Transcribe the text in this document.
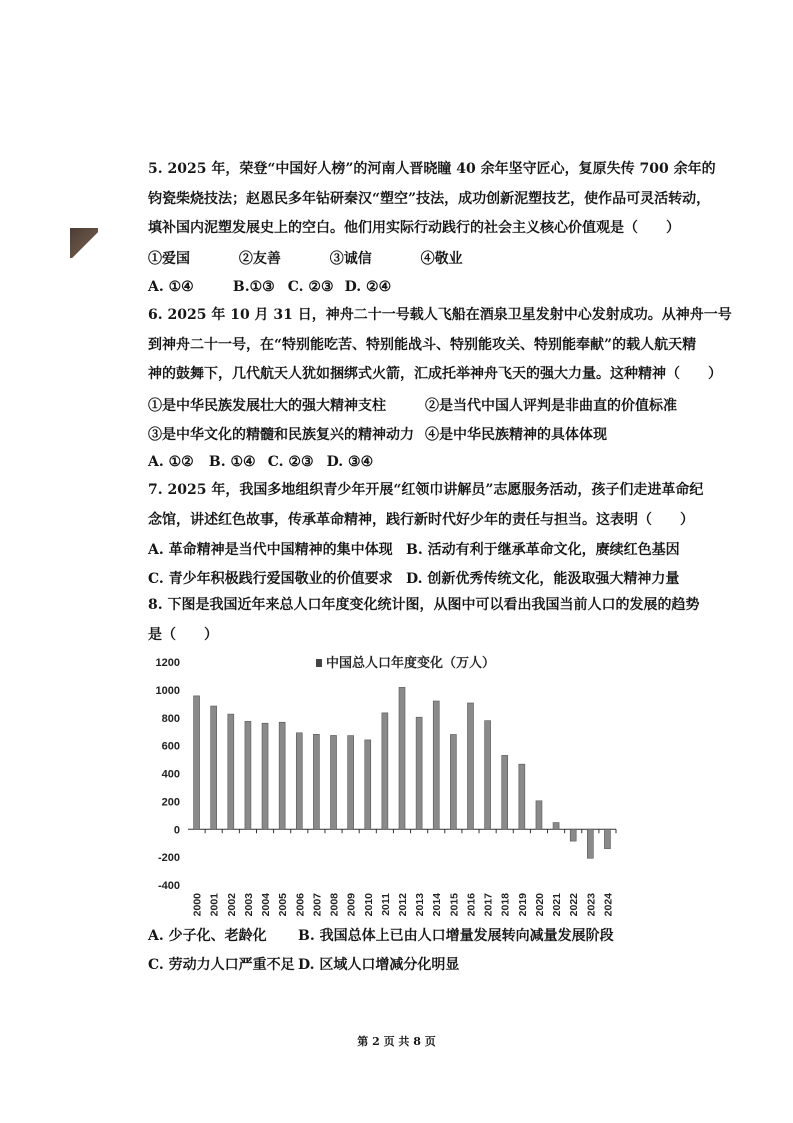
5. 2025 年，荣登“中国好人榜”的河南人晋晓瞳 40 余年坚守匠心，复原失传 700 余年的

钧瓷柴烧技法；赵恩民多年钻研秦汉“塑空”技法，成功创新泥塑技艺，使作品可灵活转动，

填补国内泥塑发展史上的空白。他们用实际行动践行的社会主义核心价值观是（　　）

①爱国	②友善	③诚信	④敬业
A. ①④	B.①③ C. ②③ D. ②④

6. 2025 年 10 月 31 日，神舟二十一号载人飞船在酒泉卫星发射中心发射成功。从神舟一号

到神舟二十一号，在“特别能吃苦、特别能战斗、特别能攻关、特别能奉献”的载人航天精

神的鼓舞下，几代航天人犹如捆绑式火箭，汇成托举神舟飞天的强大力量。这种精神（　　）

①是中华民族发展壮大的强大精神支柱	②是当代中国人评判是非曲直的价值标准
③是中华文化的精髓和民族复兴的精神动力 ④是中华民族精神的具体体现
A. ①② B. ①④ C. ②③ D. ③④

7. 2025 年，我国多地组织青少年开展“红领巾讲解员”志愿服务活动，孩子们走进革命纪

念馆，讲述红色故事，传承革命精神，践行新时代好少年的责任与担当。这表明（　　）

A. 革命精神是当代中国精神的集中体现 B. 活动有利于继承革命文化，赓续红色基因
C. 青少年积极践行爱国敬业的价值要求 D. 创新优秀传统文化，能汲取强大精神力量

8. 下图是我国近年来总人口年度变化统计图，从图中可以看出我国当前人口的发展的趋势

是（　　）

-400
-200
0
200
400
600
800
1000
1200
2000 2001 2002 2003 2004 2005 2006 2007 2008 2009 2010 2011 2012 2013 2014 2015 2016 2017 2018 2019 2020 2021 2022 2023 2024
中国总人口年度变化（万人）
A. 少子化、老龄化 B. 我国总体上已由人口增量发展转向减量发展阶段
C. 劳动力人口严重不足 D. 区域人口增减分化明显
第 2 页 共 8 页
